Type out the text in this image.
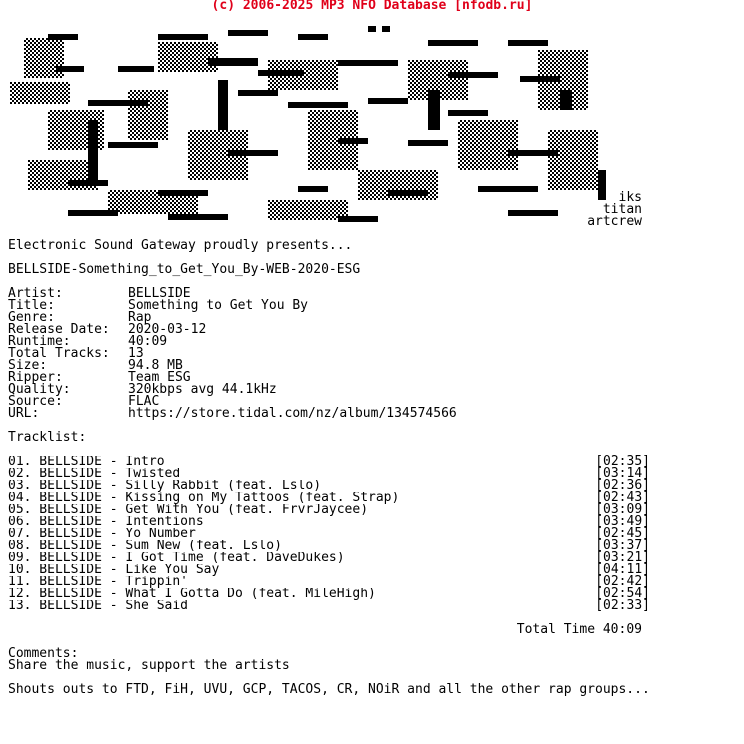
(c) 2006-2025 MP3 NFO Database [nfodb.ru]
iks
titan
artcrew
Electronic Sound Gateway proudly presents...
BELLSIDE-Something_to_Get_You_By-WEB-2020-ESG
Artist:	BELLSIDE
Title:	Something to Get You By
Genre:	Rap
Release Date:	2020-03-12
Runtime:	40:09
Total Tracks:	13
Size:	94.8 MB
Ripper:	Team ESG
Quality:	320kbps avg 44.1kHz
Source:	FLAC
URL:	https://store.tidal.com/nz/album/134574566
Tracklist:
01. BELLSIDE - Intro	[02:35]
02. BELLSIDE - Twisted	[03:14]
03. BELLSIDE - Silly Rabbit (feat. Lslo)	[02:36]
04. BELLSIDE - Kissing on My Tattoos (feat. Strap)	[02:43]
05. BELLSIDE - Get With You (feat. FrvrJaycee)	[03:09]
06. BELLSIDE - Intentions	[03:49]
07. BELLSIDE - Yo Number	[02:45]
08. BELLSIDE - Sum New (feat. Lslo)	[03:37]
09. BELLSIDE - I Got Time (feat. DaveDukes)	[03:21]
10. BELLSIDE - Like You Say	[04:11]
11. BELLSIDE - Trippin'	[02:42]
12. BELLSIDE - What I Gotta Do (feat. MileHigh)	[02:54]
13. BELLSIDE - She Said	[02:33]
Total Time 40:09
Comments:
Share the music, support the artists
Shouts outs to FTD, FiH, UVU, GCP, TACOS, CR, NOiR and all the other rap groups...
